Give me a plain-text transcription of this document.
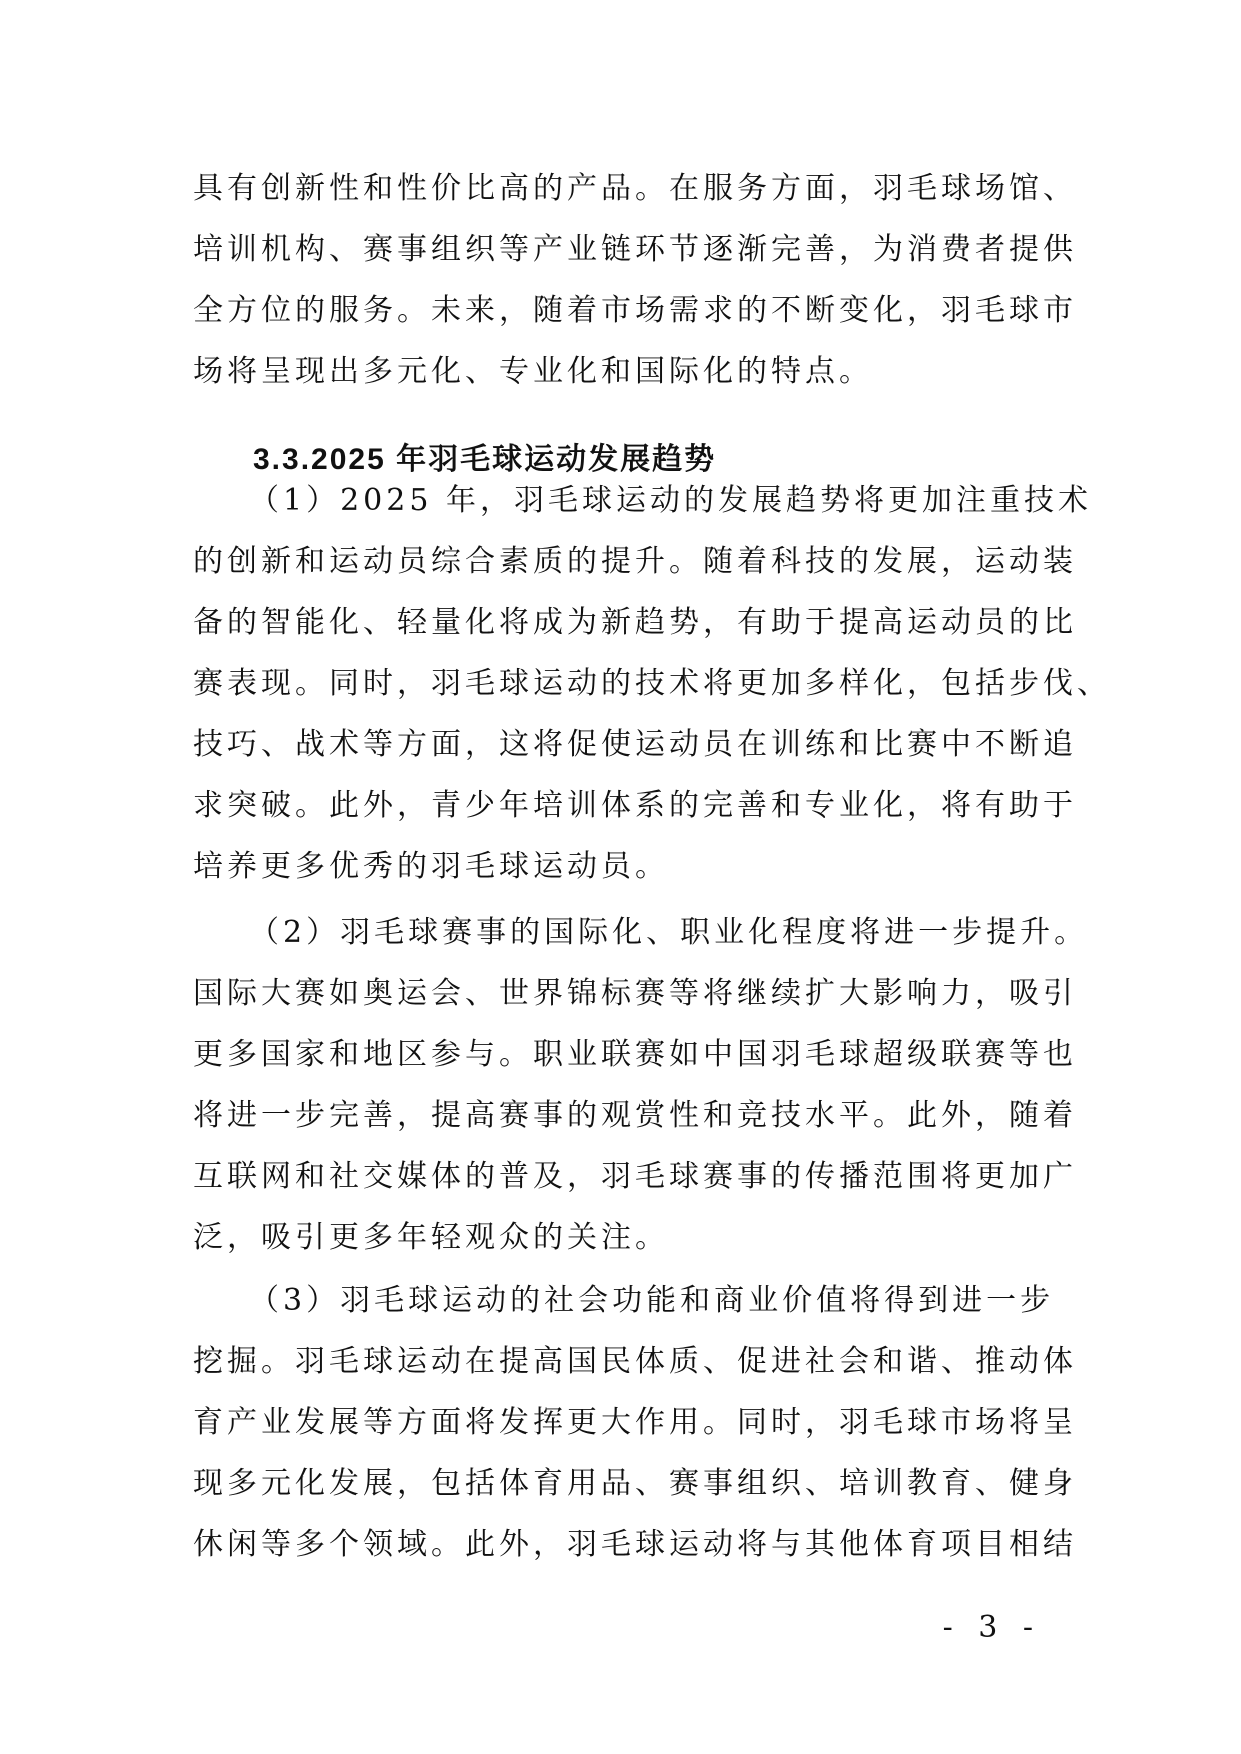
具有创新性和性价比高的产品。在服务方面，羽毛球场馆、
培训机构、赛事组织等产业链环节逐渐完善，为消费者提供
全方位的服务。未来，随着市场需求的不断变化，羽毛球市
场将呈现出多元化、专业化和国际化的特点。
3.3.2025 年羽毛球运动发展趋势
（1）2025 年，羽毛球运动的发展趋势将更加注重技术
的创新和运动员综合素质的提升。随着科技的发展，运动装
备的智能化、轻量化将成为新趋势，有助于提高运动员的比
赛表现。同时，羽毛球运动的技术将更加多样化，包括步伐、
技巧、战术等方面，这将促使运动员在训练和比赛中不断追
求突破。此外，青少年培训体系的完善和专业化，将有助于
培养更多优秀的羽毛球运动员。
（2）羽毛球赛事的国际化、职业化程度将进一步提升。
国际大赛如奥运会、世界锦标赛等将继续扩大影响力，吸引
更多国家和地区参与。职业联赛如中国羽毛球超级联赛等也
将进一步完善，提高赛事的观赏性和竞技水平。此外，随着
互联网和社交媒体的普及，羽毛球赛事的传播范围将更加广
泛，吸引更多年轻观众的关注。
（3）羽毛球运动的社会功能和商业价值将得到进一步
挖掘。羽毛球运动在提高国民体质、促进社会和谐、推动体
育产业发展等方面将发挥更大作用。同时，羽毛球市场将呈
现多元化发展，包括体育用品、赛事组织、培训教育、健身
休闲等多个领域。此外，羽毛球运动将与其他体育项目相结
- 3 -
